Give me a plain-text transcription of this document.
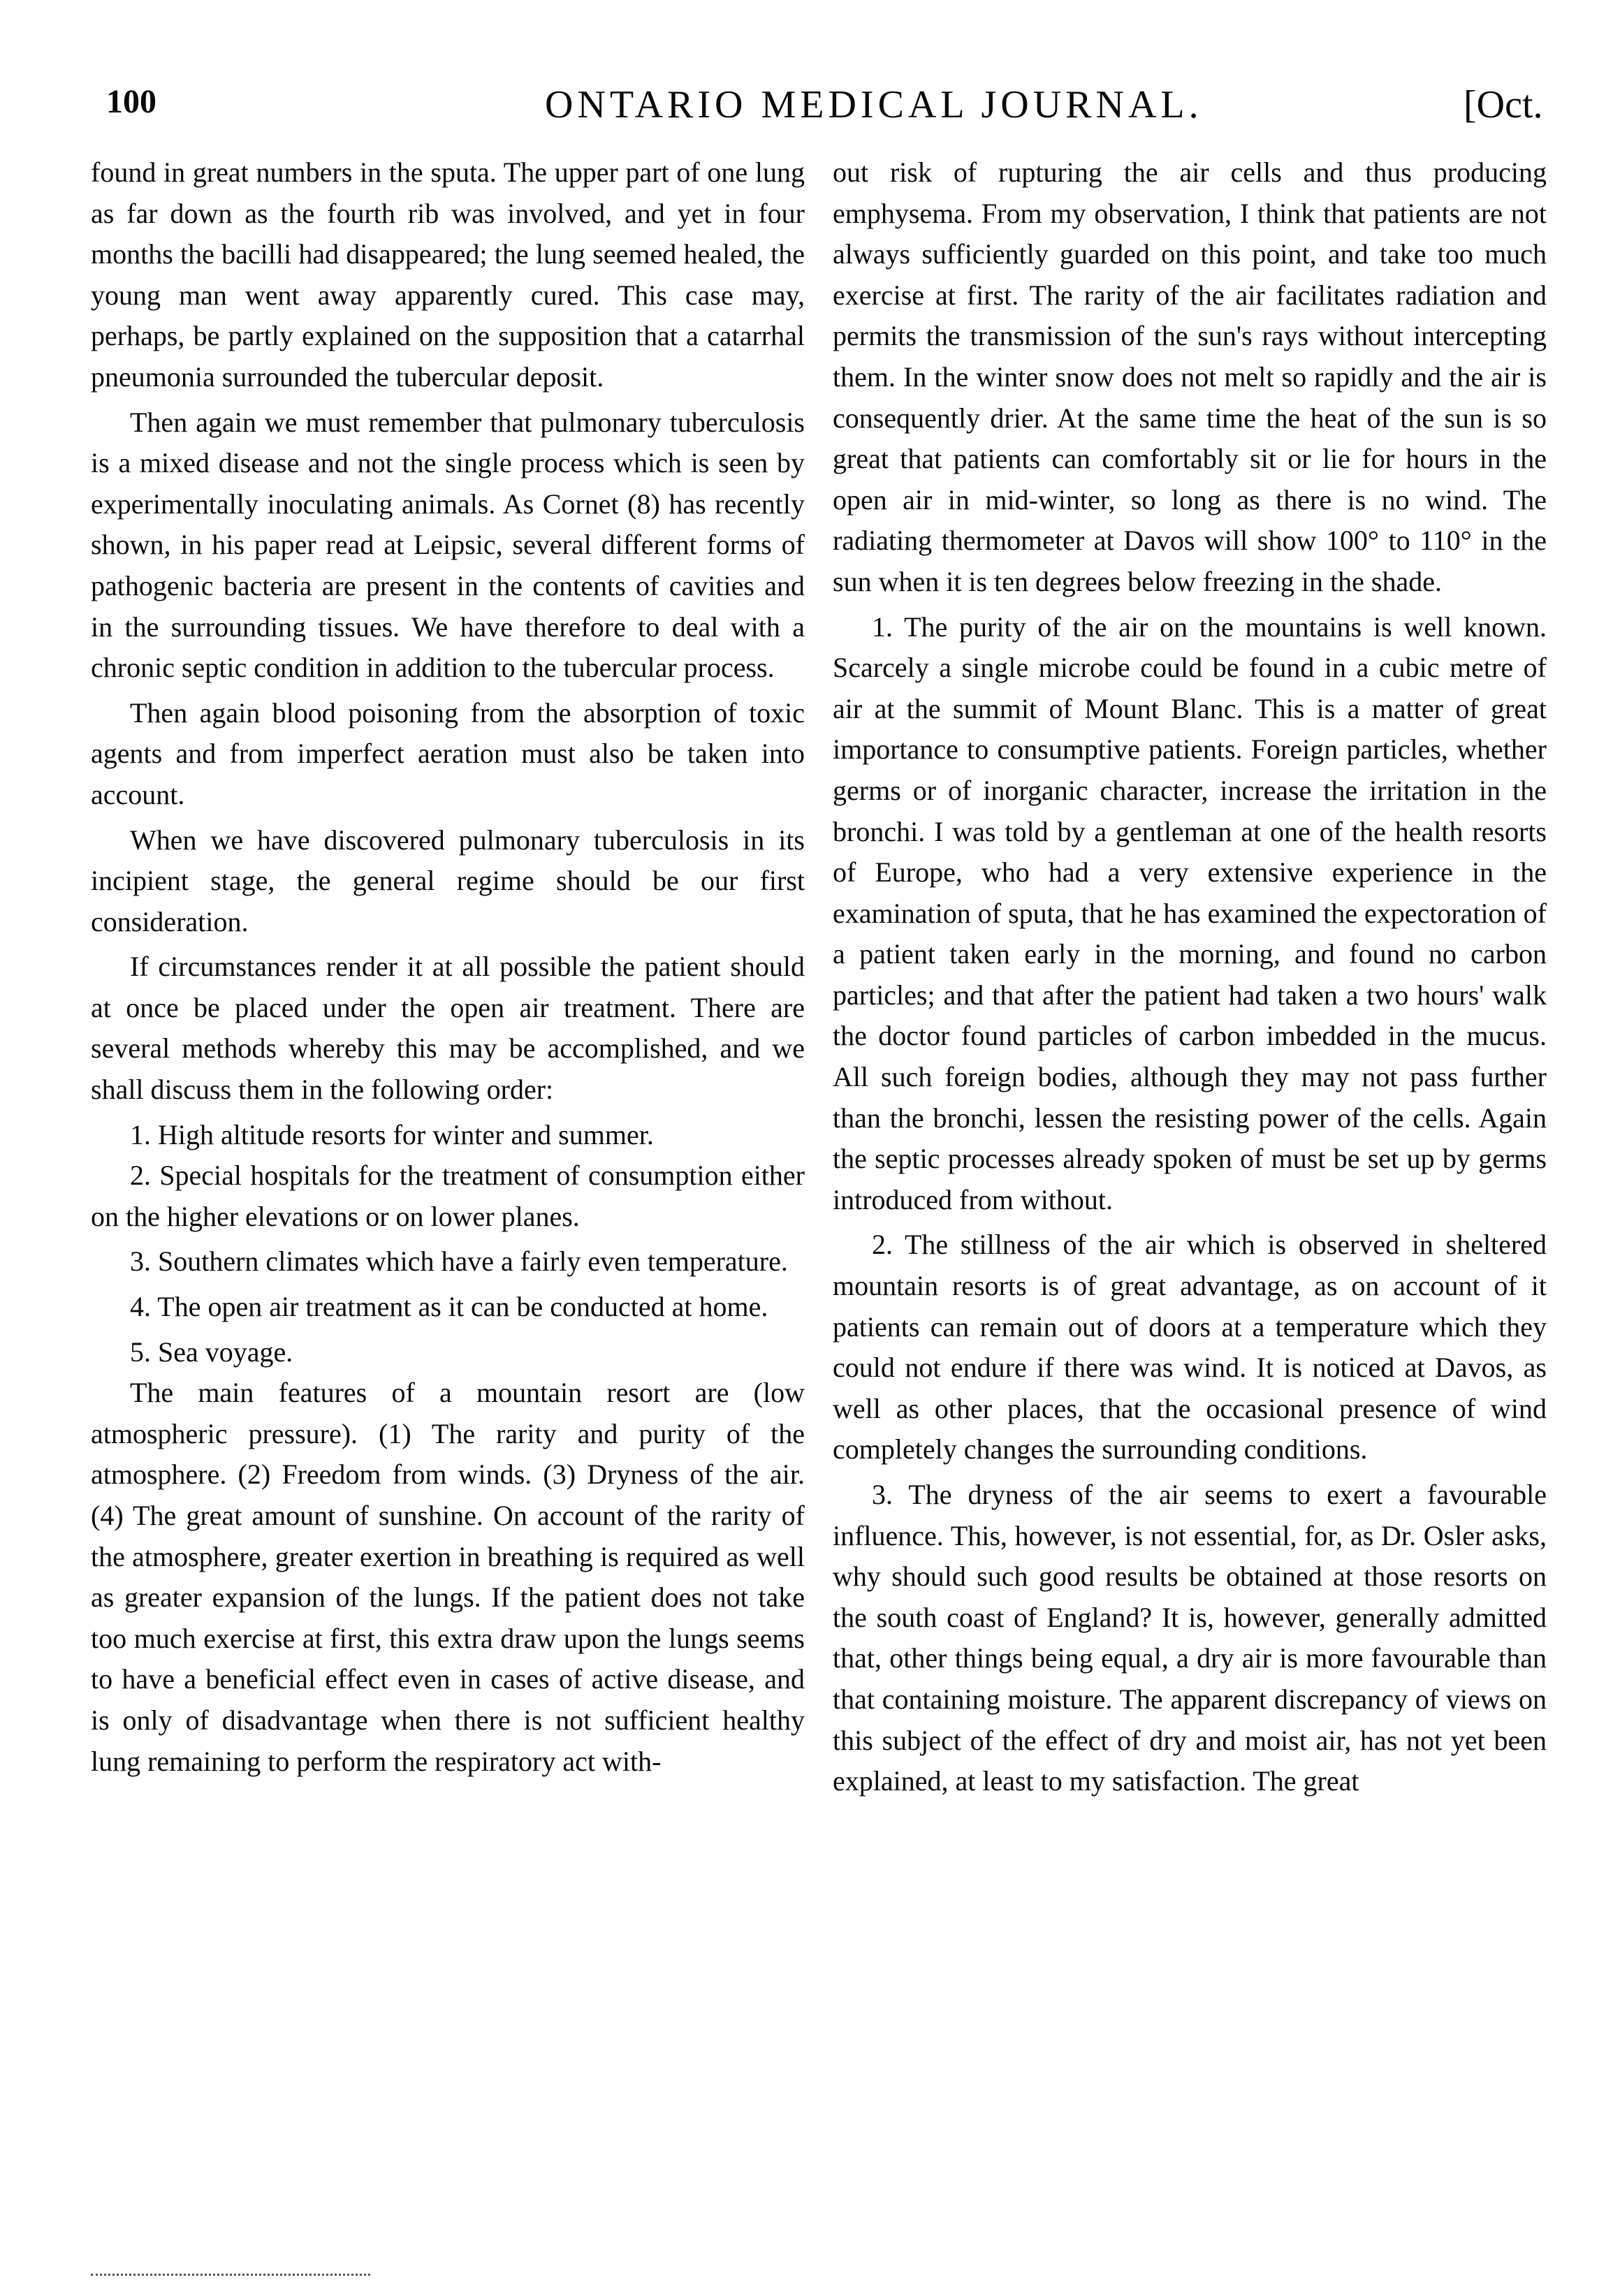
100	ONTARIO MEDICAL JOURNAL.	[Oct.

found in great numbers in the sputa. The upper part of one lung as far down as the fourth rib was involved, and yet in four months the bacilli had disappeared; the lung seemed healed, the young man went away apparently cured. This case may, perhaps, be partly explained on the supposition that a catarrhal pneumonia surrounded the tubercular deposit.

Then again we must remember that pulmonary tuberculosis is a mixed disease and not the single process which is seen by experimentally inoculating animals. As Cornet (8) has recently shown, in his paper read at Leipsic, several different forms of pathogenic bacteria are present in the contents of cavities and in the surrounding tissues. We have therefore to deal with a chronic septic condition in addition to the tubercular process.

Then again blood poisoning from the absorption of toxic agents and from imperfect aeration must also be taken into account.

When we have discovered pulmonary tuberculosis in its incipient stage, the general regime should be our first consideration.

If circumstances render it at all possible the patient should at once be placed under the open air treatment. There are several methods whereby this may be accomplished, and we shall discuss them in the following order:

1. High altitude resorts for winter and summer.

2. Special hospitals for the treatment of consumption either on the higher elevations or on lower planes.

3. Southern climates which have a fairly even temperature.

4. The open air treatment as it can be conducted at home.

5. Sea voyage.

The main features of a mountain resort are (low atmospheric pressure). (1) The rarity and purity of the atmosphere. (2) Freedom from winds. (3) Dryness of the air. (4) The great amount of sunshine. On account of the rarity of the atmosphere, greater exertion in breathing is required as well as greater expansion of the lungs. If the patient does not take too much exercise at first, this extra draw upon the lungs seems to have a beneficial effect even in cases of active disease, and is only of disadvantage when there is not sufficient healthy lung remaining to perform the respiratory act with-

out risk of rupturing the air cells and thus producing emphysema. From my observation, I think that patients are not always sufficiently guarded on this point, and take too much exercise at first. The rarity of the air facilitates radiation and permits the transmission of the sun's rays without intercepting them. In the winter snow does not melt so rapidly and the air is consequently drier. At the same time the heat of the sun is so great that patients can comfortably sit or lie for hours in the open air in mid-winter, so long as there is no wind. The radiating thermometer at Davos will show 100° to 110° in the sun when it is ten degrees below freezing in the shade.

1. The purity of the air on the mountains is well known. Scarcely a single microbe could be found in a cubic metre of air at the summit of Mount Blanc. This is a matter of great importance to consumptive patients. Foreign particles, whether germs or of inorganic character, increase the irritation in the bronchi. I was told by a gentleman at one of the health resorts of Europe, who had a very extensive experience in the examination of sputa, that he has examined the expectoration of a patient taken early in the morning, and found no carbon particles; and that after the patient had taken a two hours' walk the doctor found particles of carbon imbedded in the mucus. All such foreign bodies, although they may not pass further than the bronchi, lessen the resisting power of the cells. Again the septic processes already spoken of must be set up by germs introduced from without.

2. The stillness of the air which is observed in sheltered mountain resorts is of great advantage, as on account of it patients can remain out of doors at a temperature which they could not endure if there was wind. It is noticed at Davos, as well as other places, that the occasional presence of wind completely changes the surrounding conditions.

3. The dryness of the air seems to exert a favourable influence. This, however, is not essential, for, as Dr. Osler asks, why should such good results be obtained at those resorts on the south coast of England? It is, however, generally admitted that, other things being equal, a dry air is more favourable than that containing moisture. The apparent discrepancy of views on this subject of the effect of dry and moist air, has not yet been explained, at least to my satisfaction. The great
